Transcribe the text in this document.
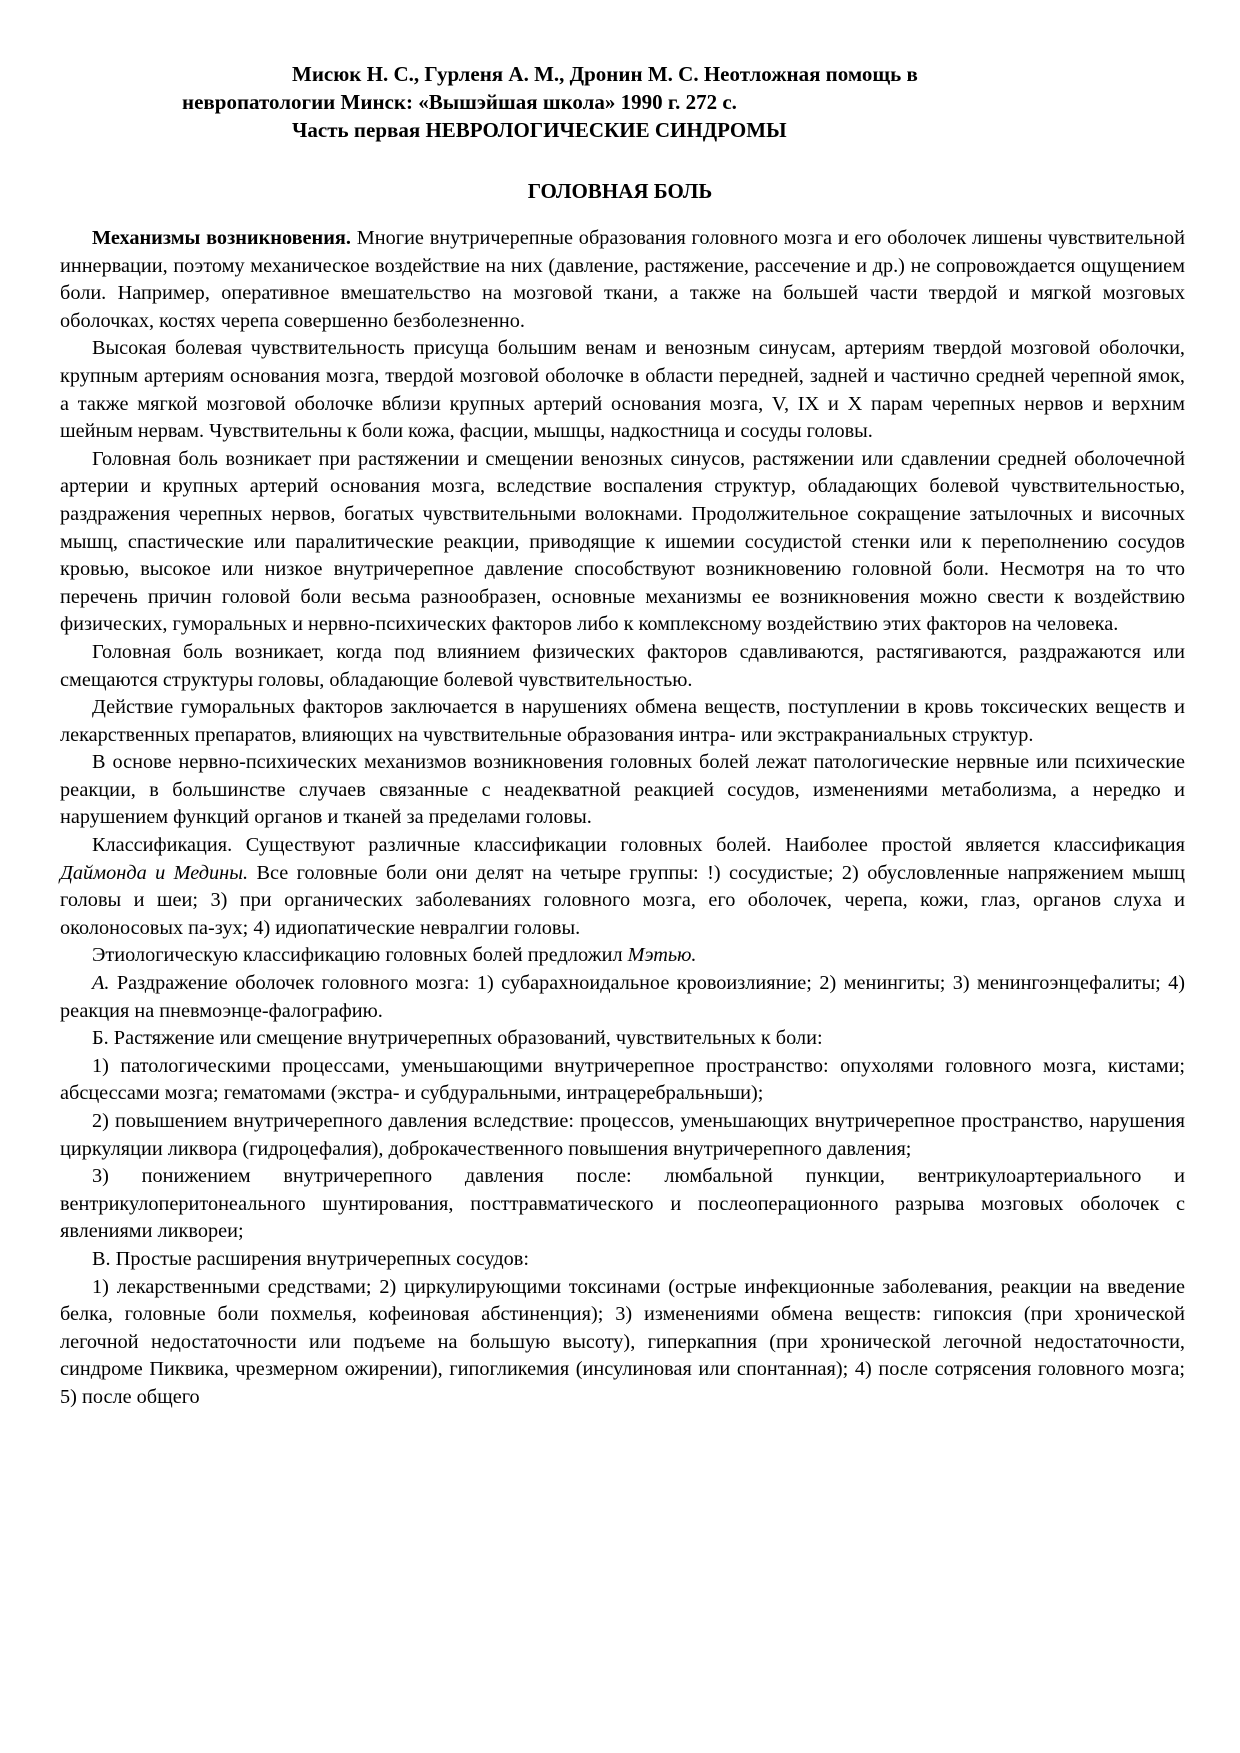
Мисюк Н. С., Гурленя А. М., Дронин М. С. Неотложная помощь в
невропатологии Минск: «Вышэйшая школа» 1990 г. 272 с.
Часть первая НЕВРОЛОГИЧЕСКИЕ СИНДРОМЫ
ГОЛОВНАЯ БОЛЬ

Механизмы возникновения. Многие внутричерепные образования головного мозга и его оболочек лишены чувствительной иннервации, поэтому механическое воздействие на них (давление, растяжение, рассечение и др.) не сопровождается ощущением боли. Например, оперативное вмешательство на мозговой ткани, а также на большей части твердой и мягкой мозговых оболочках, костях черепа совершенно безболезненно.

Высокая болевая чувствительность присуща большим венам и венозным синусам, артериям твердой мозговой оболочки, крупным артериям основания мозга, твердой мозговой оболочке в области передней, задней и частично средней черепной ямок, а также мягкой мозговой оболочке вблизи крупных артерий основания мозга, V, IX и X парам черепных нервов и верхним шейным нервам. Чувствительны к боли кожа, фасции, мышцы, надкостница и сосуды головы.

Головная боль возникает при растяжении и смещении венозных синусов, растяжении или сдавлении средней оболочечной артерии и крупных артерий основания мозга, вследствие воспаления структур, обладающих болевой чувствительностью, раздражения черепных нервов, богатых чувствительными волокнами. Продолжительное сокращение затылочных и височных мышц, спастические или паралитические реакции, приводящие к ишемии сосудистой стенки или к переполнению сосудов кровью, высокое или низкое внутричерепное давление способствуют возникновению головной боли. Несмотря на то что перечень причин головой боли весьма разнообразен, основные механизмы ее возникновения можно свести к воздействию физических, гуморальных и нервно-психических факторов либо к комплексному воздействию этих факторов на человека.

Головная боль возникает, когда под влиянием физических факторов сдавливаются, растягиваются, раздражаются или смещаются структуры головы, обладающие болевой чувствительностью.

Действие гуморальных факторов заключается в нарушениях обмена веществ, поступлении в кровь токсических веществ и лекарственных препаратов, влияющих на чувствительные образования интра- или экстракраниальных структур.

В основе нервно-психических механизмов возникновения головных болей лежат патологические нервные или психические реакции, в большинстве случаев связанные с неадекватной реакцией сосудов, изменениями метаболизма, а нередко и нарушением функций органов и тканей за пределами головы.

Классификация. Существуют различные классификации головных болей. Наиболее простой является классификация Даймонда и Медины. Все головные боли они делят на четыре группы: !) сосудистые; 2) обусловленные напряжением мышц головы и шеи; 3) при органических заболеваниях головного мозга, его оболочек, черепа, кожи, глаз, органов слуха и околоносовых па-зух; 4) идиопатические невралгии головы.

Этиологическую классификацию головных болей предложил Мэтью.

А. Раздражение оболочек головного мозга: 1) субарахноидальное кровоизлияние; 2) менингиты; 3) менингоэнцефалиты; 4) реакция на пневмоэнце-фалографию.

Б. Растяжение или смещение внутричерепных образований, чувствительных к боли:

1) патологическими процессами, уменьшающими внутричерепное пространство: опухолями головного мозга, кистами; абсцессами мозга; гематомами (экстра- и субдуральными, интрацеребральньши);

2) повышением внутричерепного давления вследствие: процессов, уменьшающих внутричерепное пространство, нарушения циркуляции ликвора (гидроцефалия), доброкачественного повышения внутричерепного давления;

3) понижением внутричерепного давления после: люмбальной пункции, вентрикулоартериального и вентрикулоперитонеального шунтирования, посттравматического и послеоперационного разрыва мозговых оболочек с явлениями ликвореи;

В. Простые расширения внутричерепных сосудов:

1) лекарственными средствами; 2) циркулирующими токсинами (острые инфекционные заболевания, реакции на введение белка, головные боли похмелья, кофеиновая абстиненция); 3) изменениями обмена веществ: гипоксия (при хронической легочной недостаточности или подъеме на большую высоту), гиперкапния (при хронической легочной недостаточности, синдроме Пиквика, чрезмерном ожирении), гипогликемия (инсулиновая или спонтанная); 4) после сотрясения головного мозга; 5) после общего
